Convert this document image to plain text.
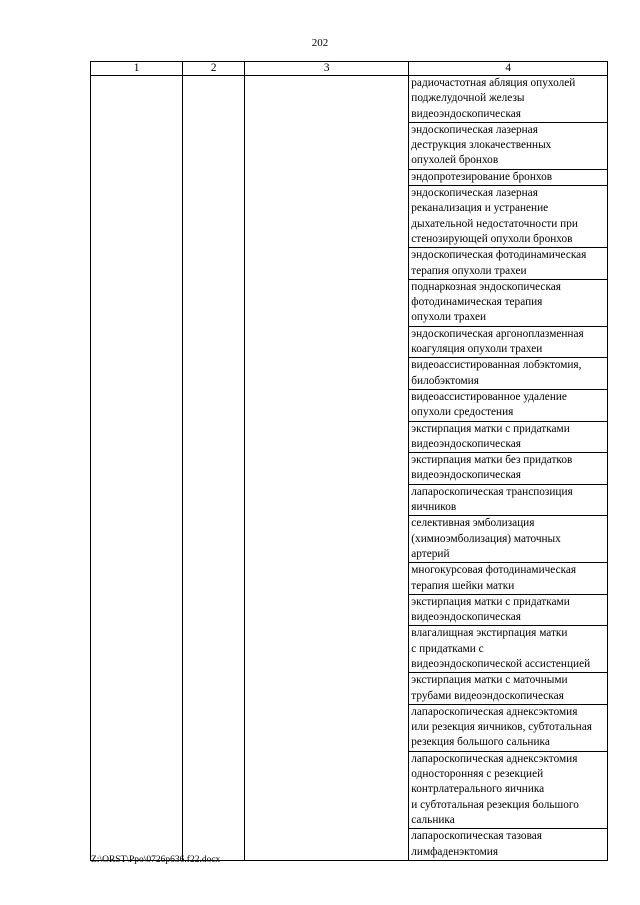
202
1	2	3	4
			радиочастотная абляция опухолей
поджелудочной железы
видеоэндоскопическая
			эндоскопическая лазерная
деструкция злокачественных
опухолей бронхов
			эндопротезирование бронхов
			эндоскопическая лазерная
реканализация и устранение
дыхательной недостаточности при
стенозирующей опухоли бронхов
			эндоскопическая фотодинамическая
терапия опухоли трахеи
			поднаркозная эндоскопическая
фотодинамическая терапия
опухоли трахеи
			эндоскопическая аргоноплазменная
коагуляция опухоли трахеи
			видеоассистированная лобэктомия,
билобэктомия
			видеоассистированное удаление
опухоли средостения
			экстирпация матки с придатками
видеоэндоскопическая
			экстирпация матки без придатков
видеоэндоскопическая
			лапароскопическая транспозиция
яичников
			селективная эмболизация
(химиоэмболизация) маточных
артерий
			многокурсовая фотодинамическая
терапия шейки матки
			экстирпация матки с придатками
видеоэндоскопическая
			влагалищная экстирпация матки
с придатками с
видеоэндоскопической ассистенцией
			экстирпация матки с маточными
трубами видеоэндоскопическая
			лапароскопическая аднексэктомия
или резекция яичников, субтотальная
резекция большого сальника
			лапароскопическая аднексэктомия
односторонняя с резекцией
контрлатерального яичника
и субтотальная резекция большого
сальника
			лапароскопическая тазовая
лимфаденэктомия
Z:\ORST\Ppo\0726p636.f22.docx
